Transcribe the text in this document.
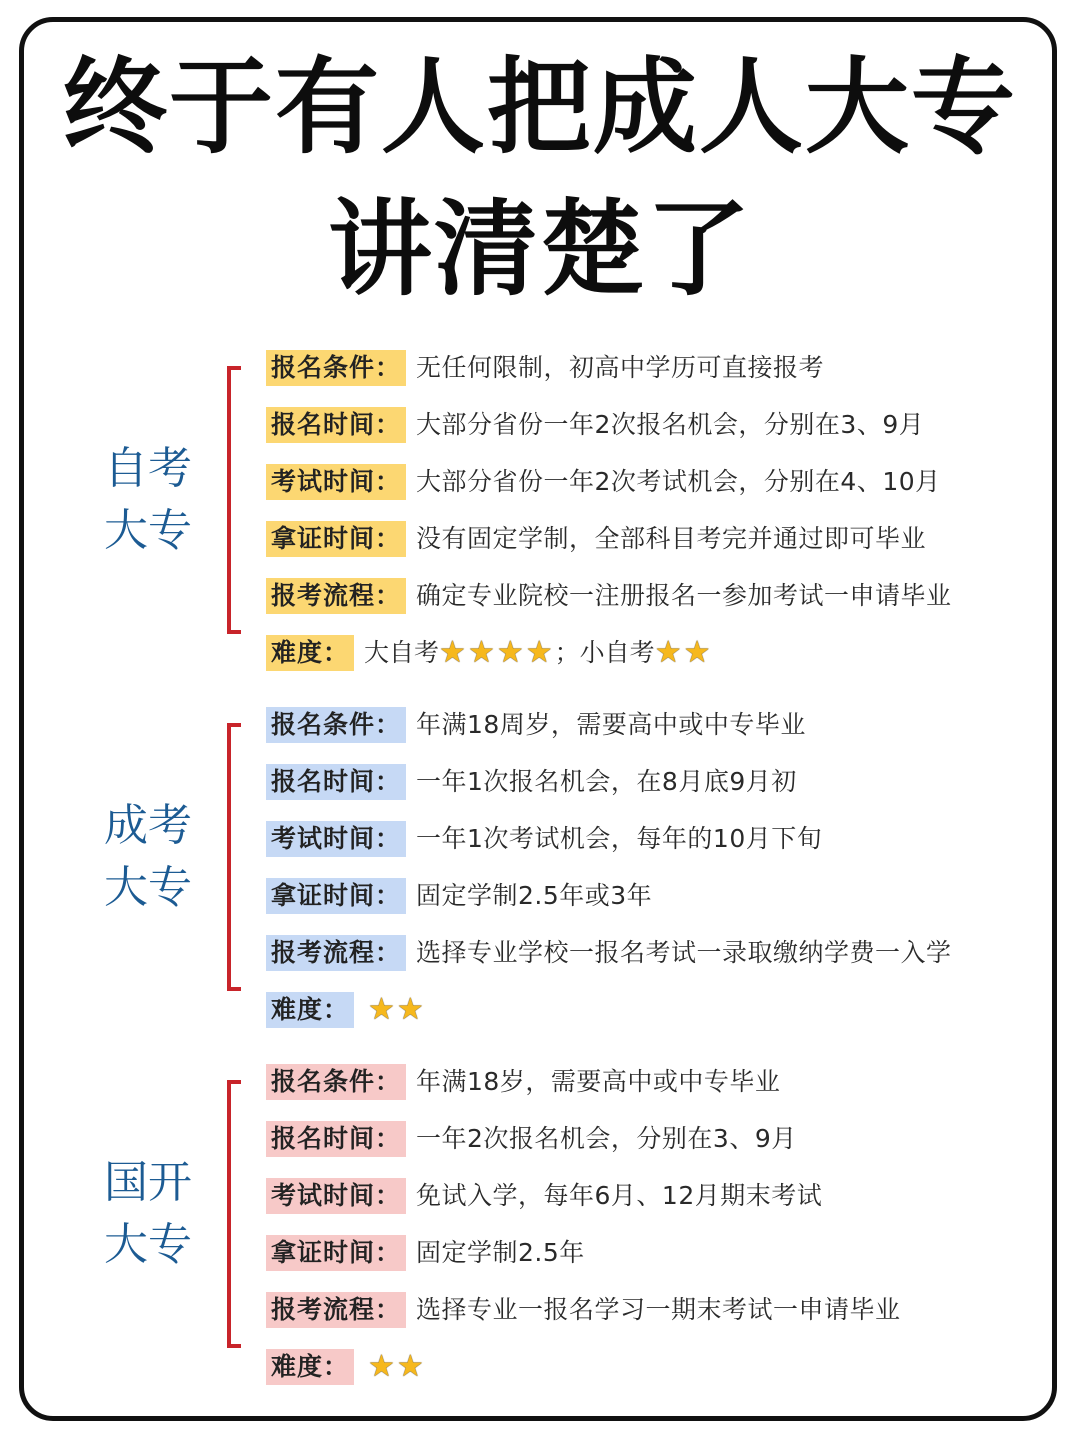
终于有人把成人大专
讲清楚了
自考
大专
报名条件： 无任何限制，初高中学历可直接报考
报名时间： 大部分省份一年2次报名机会，分别在3、9月
考试时间： 大部分省份一年2次考试机会，分别在4、10月
拿证时间： 没有固定学制，全部科目考完并通过即可毕业
报考流程： 确定专业院校一注册报名一参加考试一申请毕业
难度： 大自考 ★ ★ ★ ★ ； 小自考 ★ ★
成考
大专
报名条件： 年满18周岁，需要高中或中专毕业
报名时间： 一年1次报名机会，在8月底9月初
考试时间： 一年1次考试机会，每年的10月下旬
拿证时间： 固定学制2.5年或3年
报考流程： 选择专业学校一报名考试一录取缴纳学费一入学
难度： ★ ★
国开
大专
报名条件： 年满18岁，需要高中或中专毕业
报名时间： 一年2次报名机会，分别在3、9月
考试时间： 免试入学，每年6月、12月期末考试
拿证时间： 固定学制2.5年
报考流程： 选择专业一报名学习一期末考试一申请毕业
难度： ★ ★
